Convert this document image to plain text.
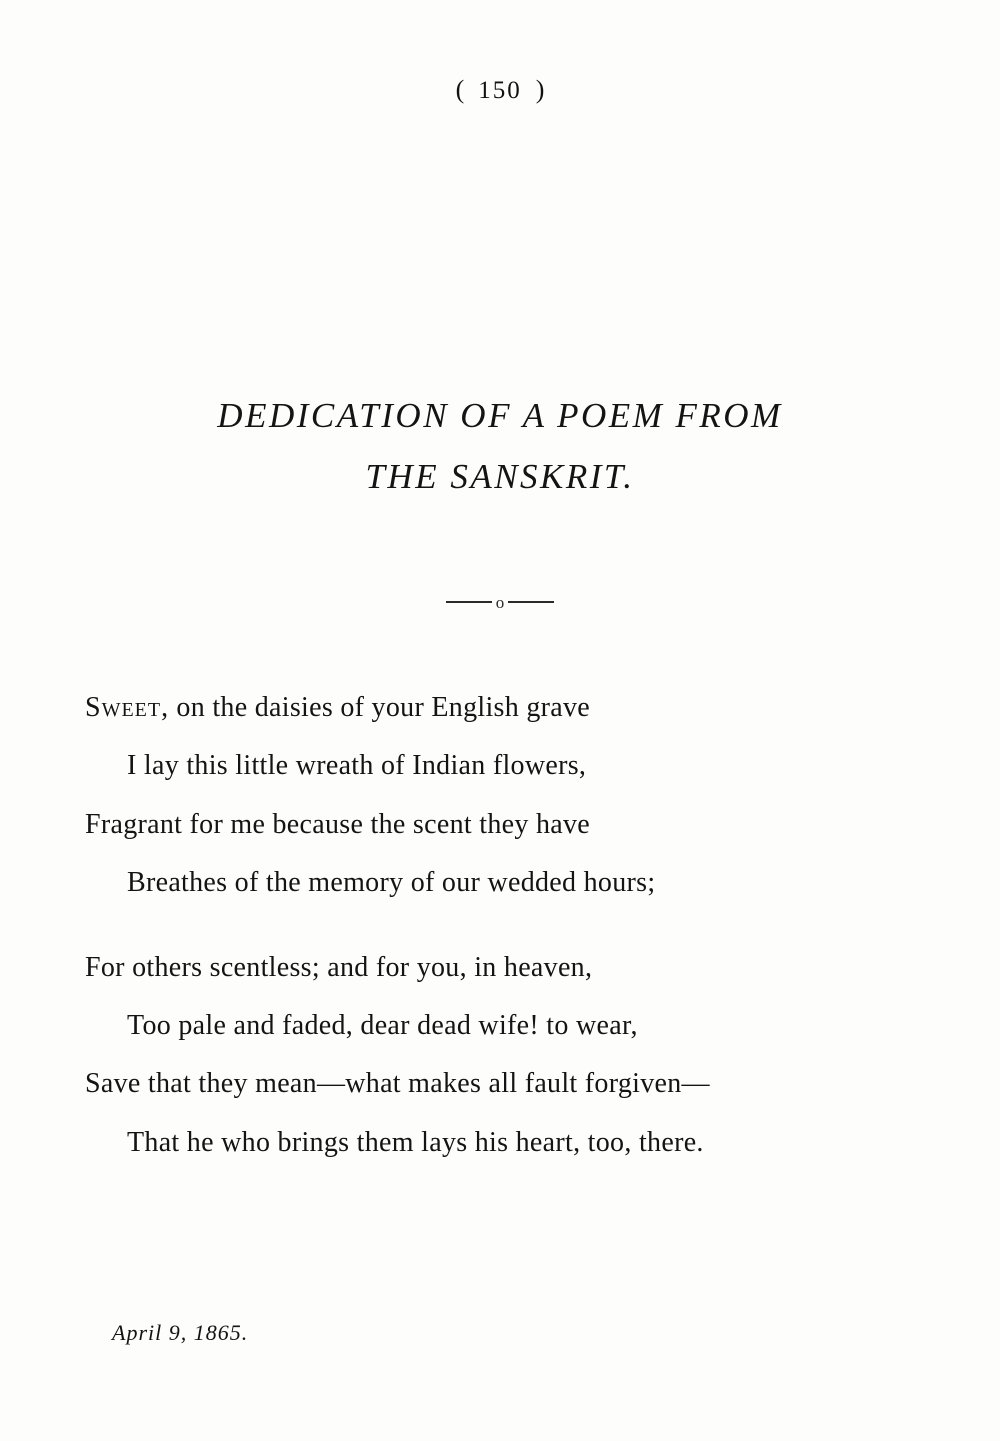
( 150 )
DEDICATION OF A POEM FROM
THE SANSKRIT.
o
Sweet, on the daisies of your English grave
I lay this little wreath of Indian flowers,
Fragrant for me because the scent they have
Breathes of the memory of our wedded hours;
For others scentless; and for you, in heaven,
Too pale and faded, dear dead wife! to wear,
Save that they mean—what makes all fault forgiven—
That he who brings them lays his heart, too, there.
April 9, 1865.
